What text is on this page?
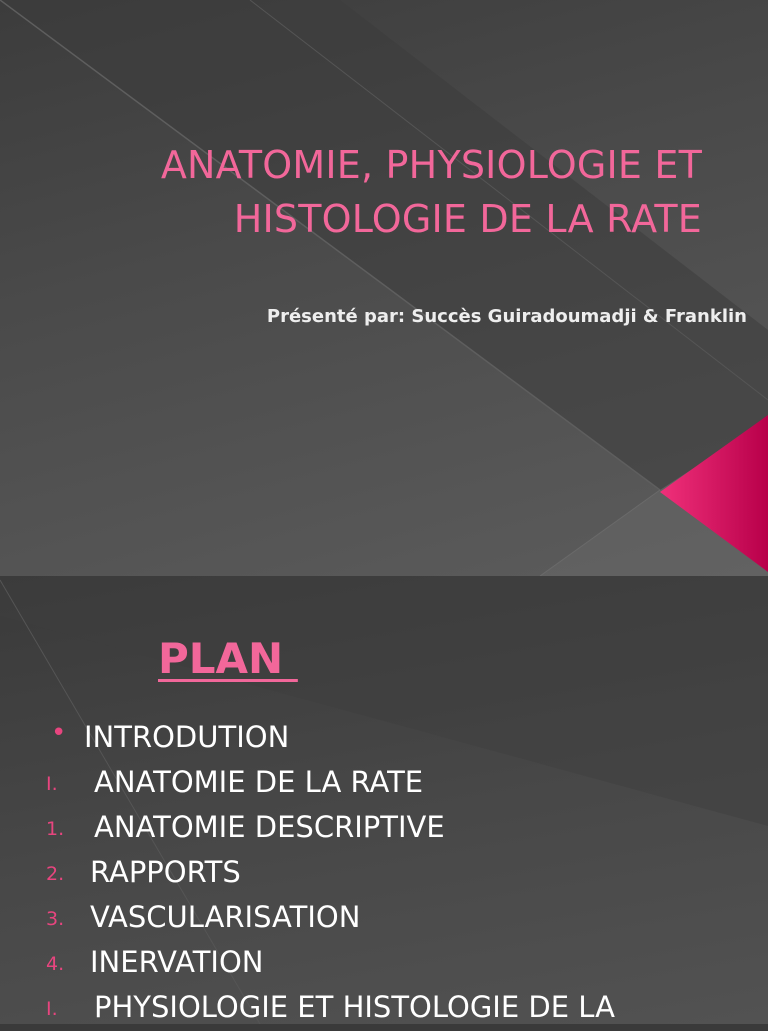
ANATOMIE, PHYSIOLOGIE ET
HISTOLOGIE DE LA RATE

Présenté par: Succès Guiradoumadji & Franklin

PLAN
• INTRODUTION
I. ANATOMIE DE LA RATE
1. ANATOMIE DESCRIPTIVE
2. RAPPORTS
3. VASCULARISATION
4. INERVATION
I. PHYSIOLOGIE ET HISTOLOGIE DE LA
